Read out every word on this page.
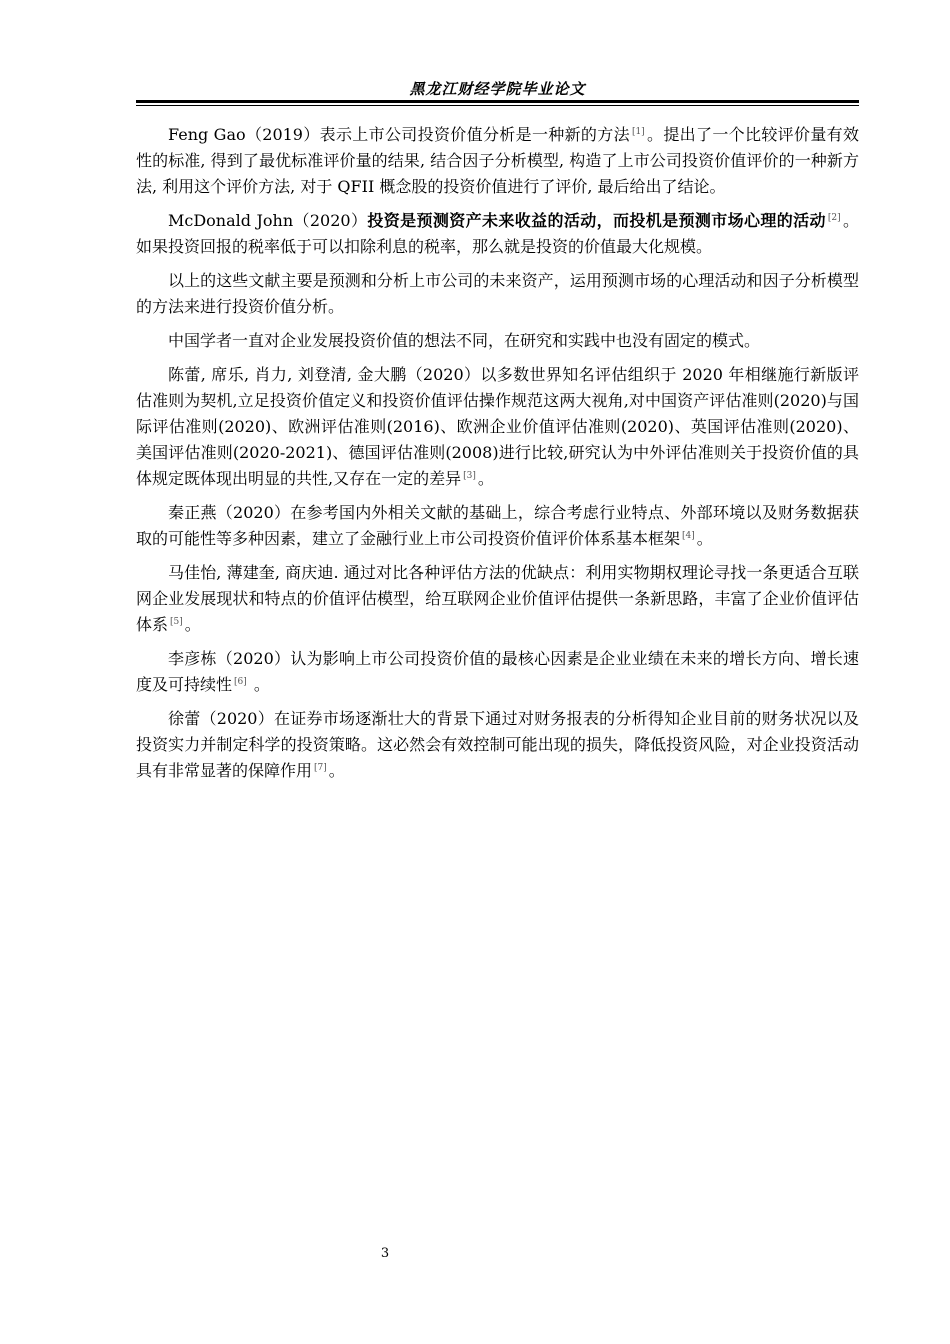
黑龙江财经学院毕业论文

Feng Gao（2019）表示上市公司投资价值分析是一种新的方法 [1] 。提出了一个比较评价量有效性的标准, 得到了最优标准评价量的结果, 结合因子分析模型, 构造了上市公司投资价值评价的一种新方法, 利用这个评价方法, 对于 QFII 概念股的投资价值进行了评价, 最后给出了结论。

McDonald John（2020）投资是预测资产未来收益的活动，而投机是预测市场心理的活动 [2] 。如果投资回报的税率低于可以扣除利息的税率，那么就是投资的价值最大化规模。

以上的这些文献主要是预测和分析上市公司的未来资产，运用预测市场的心理活动和因子分析模型的方法来进行投资价值分析。

中国学者一直对企业发展投资价值的想法不同，在研究和实践中也没有固定的模式。

陈蕾, 席乐, 肖力, 刘登清, 金大鹏（2020）以多数世界知名评估组织于 2020 年相继施行新版评估准则为契机,立足投资价值定义和投资价值评估操作规范这两大视角,对中国资产评估准则(2020)与国际评估准则(2020)、欧洲评估准则(2016)、欧洲企业价值评估准则(2020)、英国评估准则(2020)、美国评估准则(2020-2021)、德国评估准则(2008)进行比较,研究认为中外评估准则关于投资价值的具体规定既体现出明显的共性,又存在一定的差异 [3] 。

秦正燕（2020）在参考国内外相关文献的基础上，综合考虑行业特点、外部环境以及财务数据获取的可能性等多种因素，建立了金融行业上市公司投资价值评价体系基本框架 [4] 。

马佳怡, 薄建奎, 商庆迪. 通过对比各种评估方法的优缺点：利用实物期权理论寻找一条更适合互联网企业发展现状和特点的价值评估模型，给互联网企业价值评估提供一条新思路，丰富了企业价值评估体系 [5] 。

李彦栋（2020）认为影响上市公司投资价值的最核心因素是企业业绩在未来的增长方向、增长速度及可持续性 [6] 。

徐蕾（2020）在证券市场逐渐壮大的背景下通过对财务报表的分析得知企业目前的财务状况以及投资实力并制定科学的投资策略。这必然会有效控制可能出现的损失，降低投资风险，对企业投资活动具有非常显著的保障作用 [7] 。

3
